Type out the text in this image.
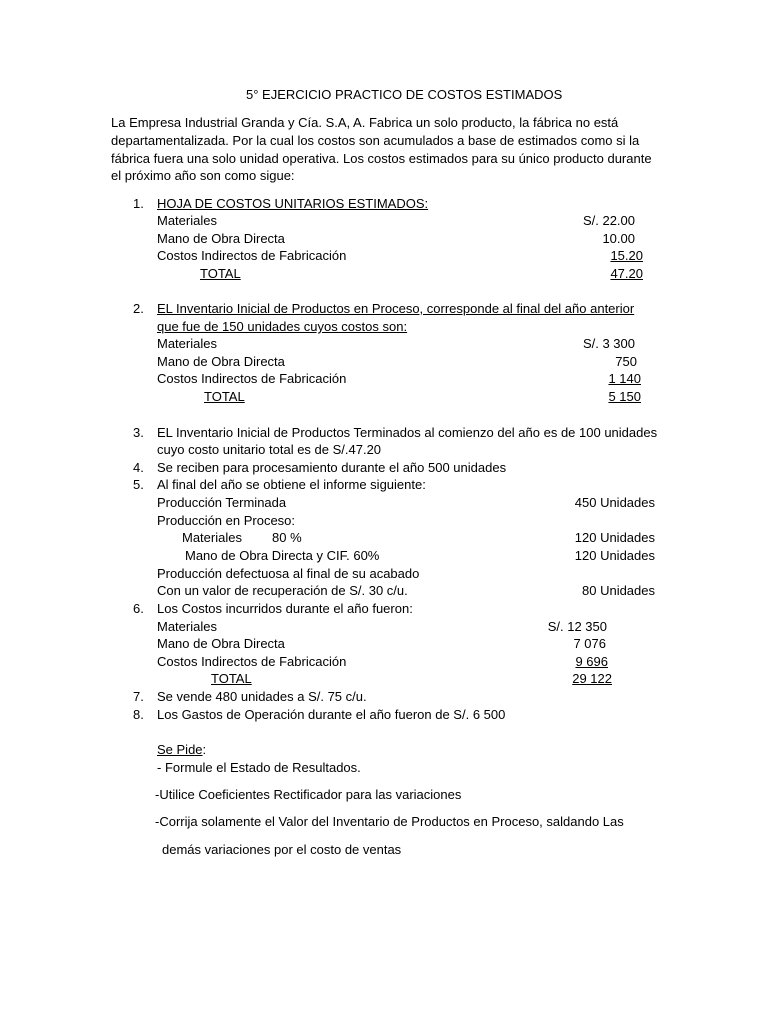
5° EJERCICIO PRACTICO DE COSTOS ESTIMADOS
La Empresa Industrial Granda y Cía. S.A, A. Fabrica un solo producto, la fábrica no está
departamentalizada. Por la cual los costos son acumulados a base de estimados como si la
fábrica fuera una solo unidad operativa. Los costos estimados para su único producto durante
el próximo año son como sigue:
1. HOJA DE COSTOS UNITARIOS ESTIMADOS:
Materiales	S/. 22.00
Mano de Obra Directa	10.00
Costos Indirectos de Fabricación	15.20
TOTAL	47.20
2. EL Inventario Inicial de Productos en Proceso, corresponde al final del año anterior
que fue de 150 unidades cuyos costos son:
Materiales	S/. 3 300
Mano de Obra Directa	750
Costos Indirectos de Fabricación	1 140
TOTAL	5 150
3. EL Inventario Inicial de Productos Terminados al comienzo del año es de 100 unidades
cuyo costo unitario total es de S/.47.20
4. Se reciben para procesamiento durante el año 500 unidades
5. Al final del año se obtiene el informe siguiente:
Producción Terminada	450 Unidades
Producción en Proceso:
Materiales 80 %	120 Unidades
Mano de Obra Directa y CIF. 60%	120 Unidades
Producción defectuosa al final de su acabado
Con un valor de recuperación de S/. 30 c/u.	80 Unidades
6. Los Costos incurridos durante el año fueron:
Materiales	S/. 12 350
Mano de Obra Directa	7 076
Costos Indirectos de Fabricación	9 696
TOTAL	29 122
7. Se vende 480 unidades a S/. 75 c/u.
8. Los Gastos de Operación durante el año fueron de S/. 6 500
Se Pide:
- Formule el Estado de Resultados.
-Utilice Coeficientes Rectificador para las variaciones
-Corrija solamente el Valor del Inventario de Productos en Proceso, saldando Las
demás variaciones por el costo de ventas
